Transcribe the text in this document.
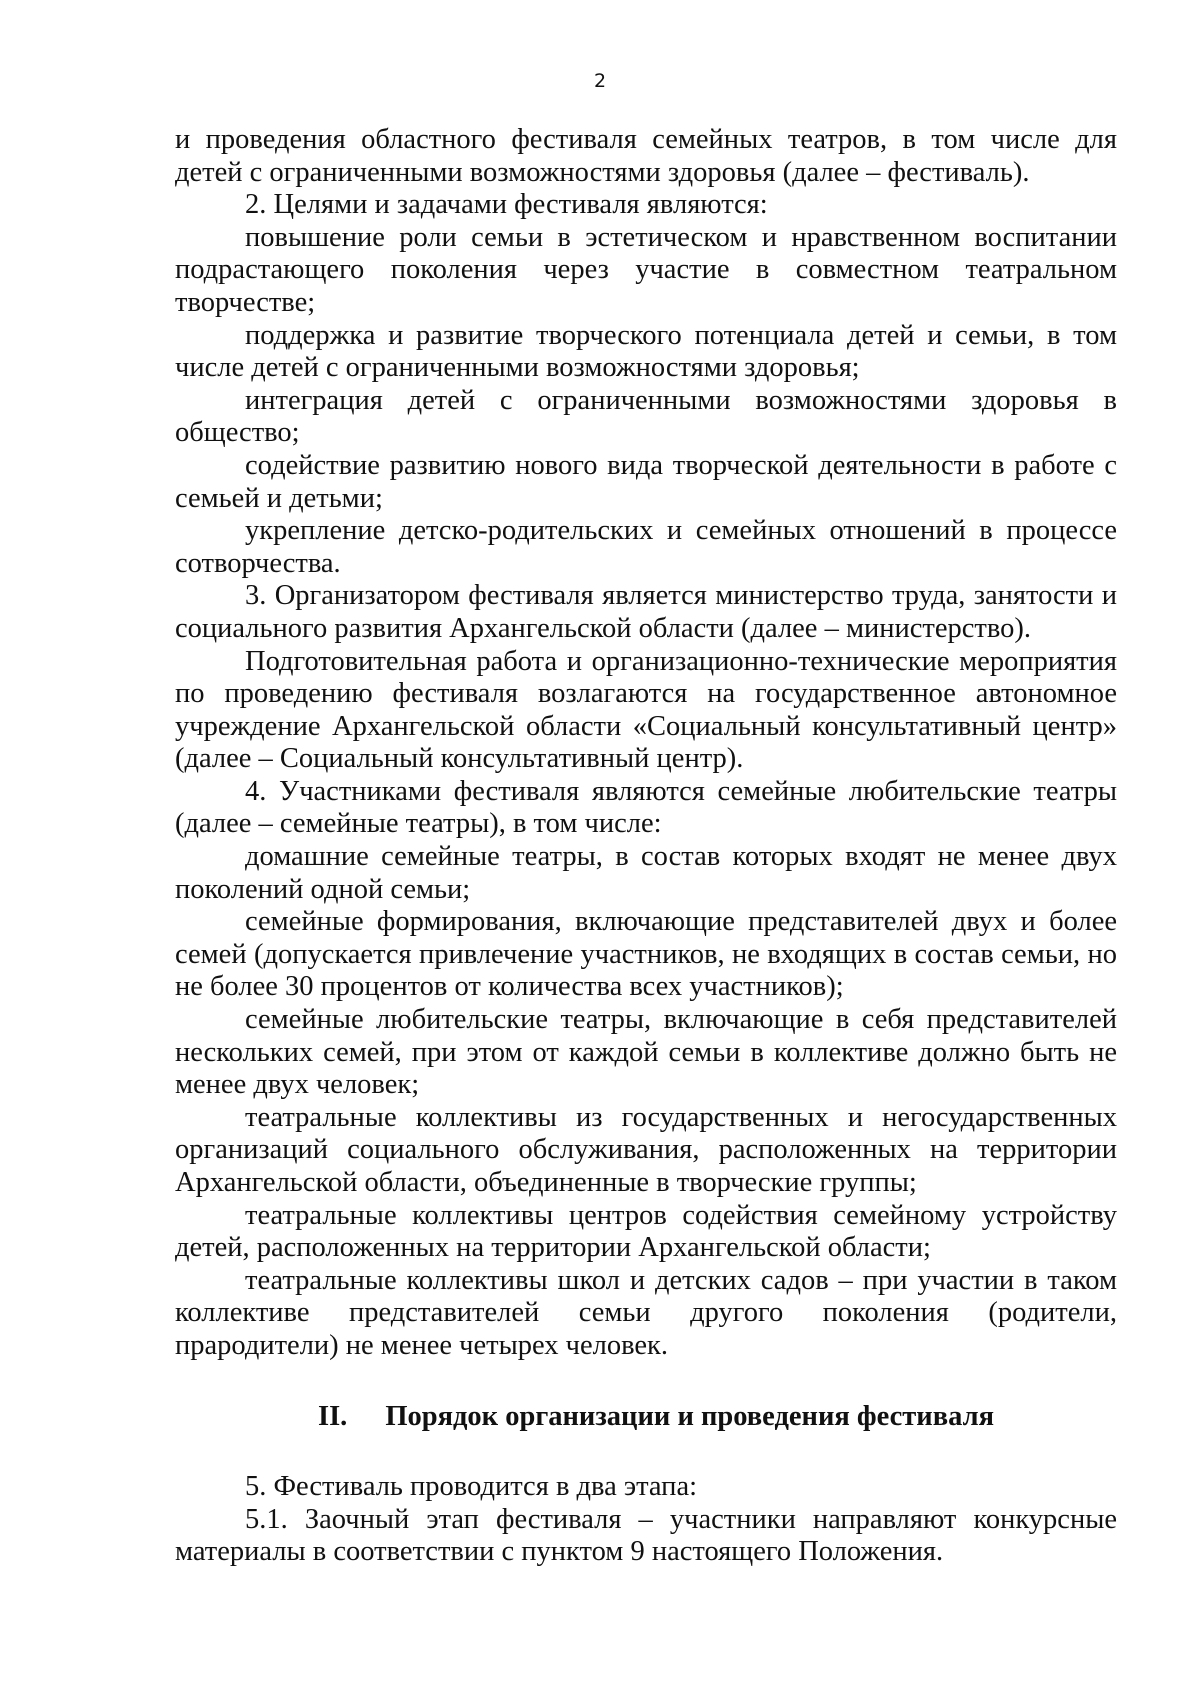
2

и проведения областного фестиваля семейных театров, в том числе для детей с ограниченными возможностями здоровья (далее – фестиваль).

2. Целями и задачами фестиваля являются:

повышение роли семьи в эстетическом и нравственном воспитании подрастающего поколения через участие в совместном театральном творчестве;

поддержка и развитие творческого потенциала детей и семьи, в том числе детей с ограниченными возможностями здоровья;

интеграция детей с ограниченными возможностями здоровья в общество;

содействие развитию нового вида творческой деятельности в работе с семьей и детьми;

укрепление детско-родительских и семейных отношений в процессе сотворчества.

3. Организатором фестиваля является министерство труда, занятости и социального развития Архангельской области (далее – министерство).

Подготовительная работа и организационно-технические мероприятия по проведению фестиваля возлагаются на государственное автономное учреждение Архангельской области «Социальный консультативный центр» (далее – Социальный консультативный центр).

4. Участниками фестиваля являются семейные любительские театры (далее – семейные театры), в том числе:

домашние семейные театры, в состав которых входят не менее двух поколений одной семьи;

семейные формирования, включающие представителей двух и более семей (допускается привлечение участников, не входящих в состав семьи, но не более 30 процентов от количества всех участников);

семейные любительские театры, включающие в себя представителей нескольких семей, при этом от каждой семьи в коллективе должно быть не менее двух человек;

театральные коллективы из государственных и негосударственных организаций социального обслуживания, расположенных на территории Архангельской области, объединенные в творческие группы;

театральные коллективы центров содействия семейному устройству детей, расположенных на территории Архангельской области;

театральные коллективы школ и детских садов – при участии в таком коллективе представителей семьи другого поколения (родители, прародители) не менее четырех человек.

II. Порядок организации и проведения фестиваля

5. Фестиваль проводится в два этапа:

5.1. Заочный этап фестиваля – участники направляют конкурсные материалы в соответствии с пунктом 9 настоящего Положения.
